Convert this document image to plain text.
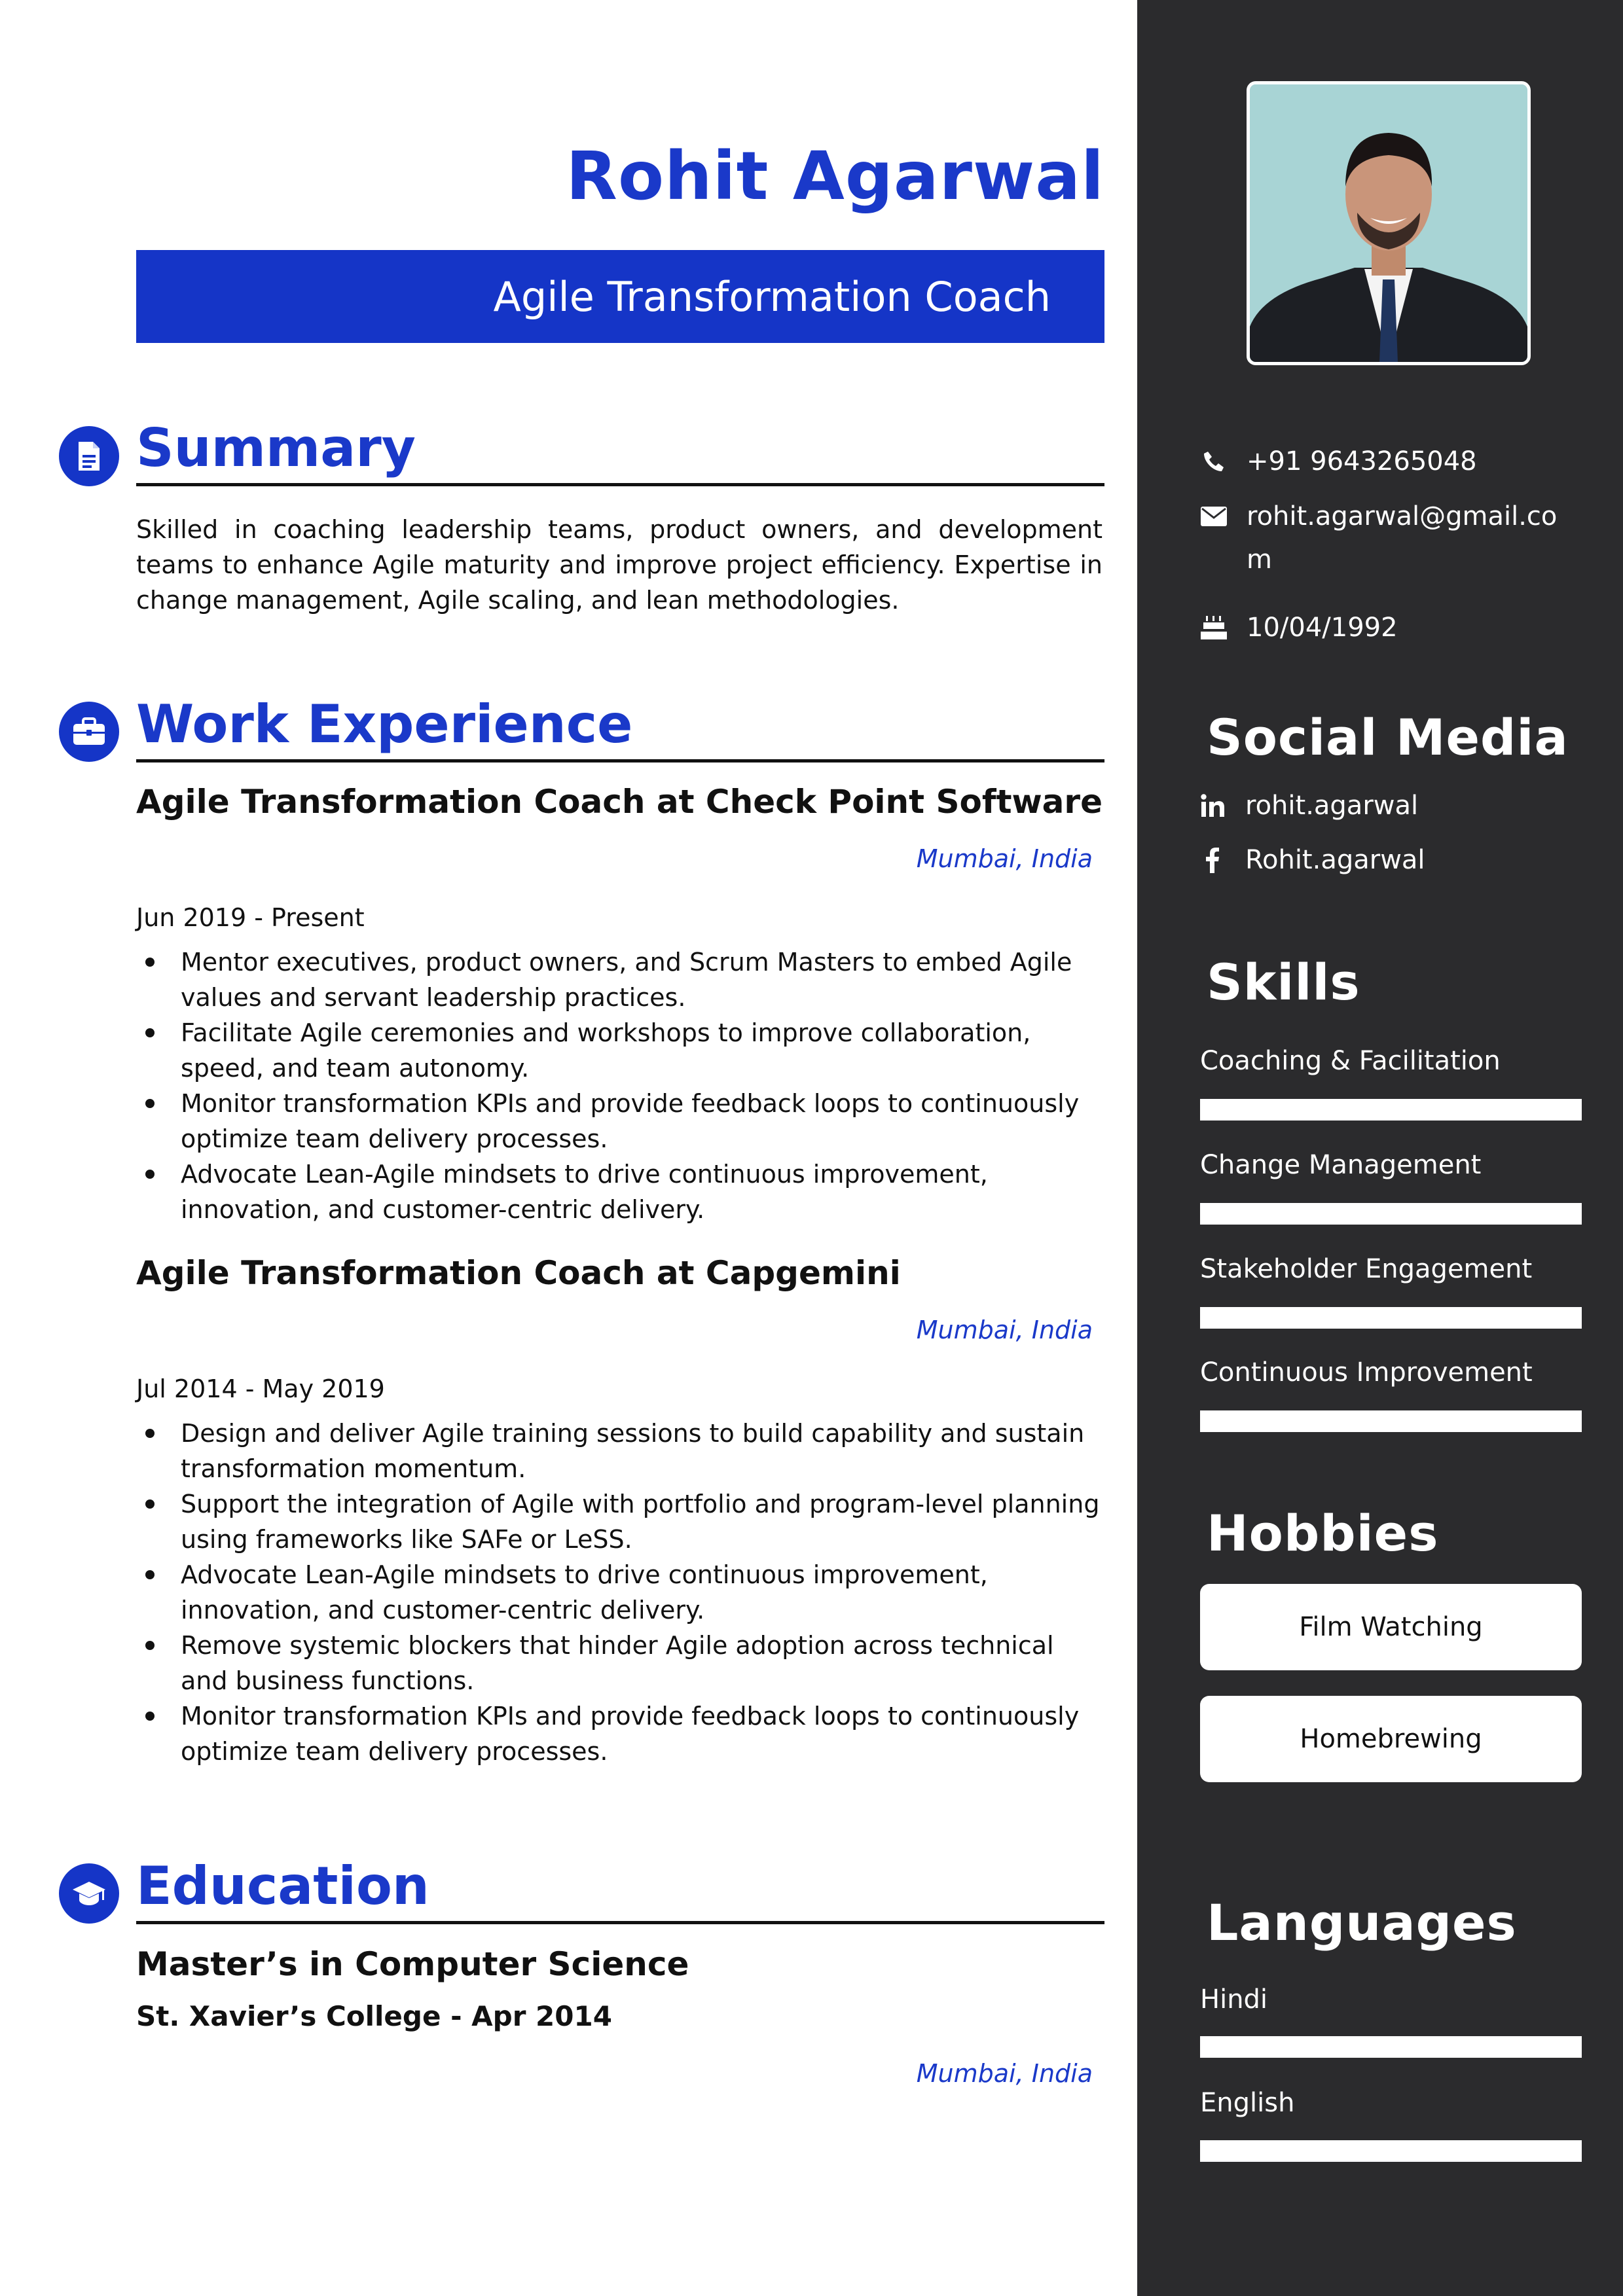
Rohit Agarwal
Agile Transformation Coach
Summary
Skilled in coaching leadership teams, product owners, and development teams to enhance Agile maturity and improve project efficiency. Expertise in change management, Agile scaling, and lean methodologies.
Work Experience
Agile Transformation Coach at Check Point Software
Mumbai, India
Jun 2019 - Present
Mentor executives, product owners, and Scrum Masters to embed Agile values and servant leadership practices.
Facilitate Agile ceremonies and workshops to improve collaboration, speed, and team autonomy.
Monitor transformation KPIs and provide feedback loops to continuously optimize team delivery processes.
Advocate Lean-Agile mindsets to drive continuous improvement, innovation, and customer-centric delivery.
Agile Transformation Coach at Capgemini
Mumbai, India
Jul 2014 - May 2019
Design and deliver Agile training sessions to build capability and sustain transformation momentum.
Support the integration of Agile with portfolio and program-level planning using frameworks like SAFe or LeSS.
Advocate Lean-Agile mindsets to drive continuous improvement, innovation, and customer-centric delivery.
Remove systemic blockers that hinder Agile adoption across technical and business functions.
Monitor transformation KPIs and provide feedback loops to continuously optimize team delivery processes.
Education
Master’s in Computer Science
St. Xavier’s College - Apr 2014
Mumbai, India
+91 9643265048
rohit.agarwal@gmail.com
10/04/1992
Social Media
rohit.agarwal
Rohit.agarwal
Skills
Coaching & Facilitation
Change Management
Stakeholder Engagement
Continuous Improvement
Hobbies
Film Watching
Homebrewing
Languages
Hindi
English
